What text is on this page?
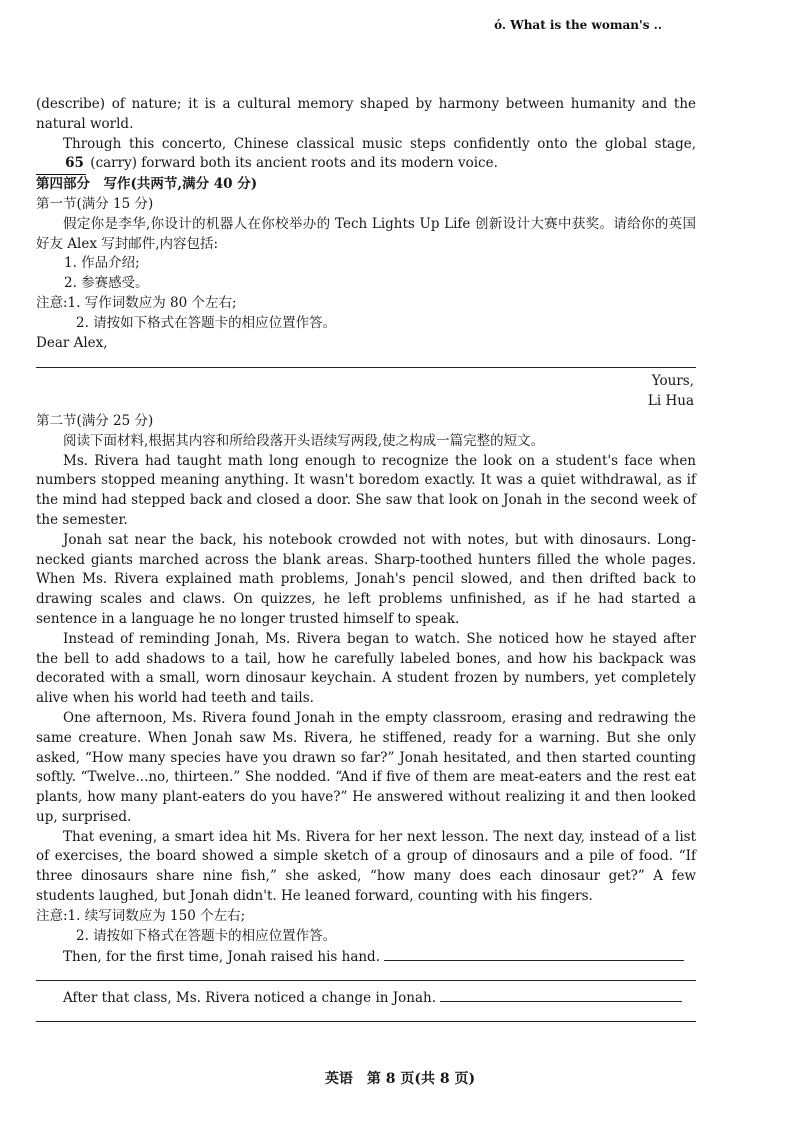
ó. What is the woman's ..

(describe) of nature; it is a cultural memory shaped by harmony between humanity and the natural world.

Through this concerto, Chinese classical music steps confidently onto the global stage, 65 (carry) forward both its ancient roots and its modern voice.

第四部分　写作(共两节,满分 40 分)

第一节(满分 15 分)

假定你是李华,你设计的机器人在你校举办的 Tech Lights Up Life 创新设计大赛中获奖。请给你的英国好友 Alex 写封邮件,内容包括:

1. 作品介绍;

2. 参赛感受。

注意:1. 写作词数应为 80 个左右;

2. 请按如下格式在答题卡的相应位置作答。

Dear Alex,

Yours,

Li Hua

第二节(满分 25 分)

阅读下面材料,根据其内容和所给段落开头语续写两段,使之构成一篇完整的短文。

Ms. Rivera had taught math long enough to recognize the look on a student's face when numbers stopped meaning anything. It wasn't boredom exactly. It was a quiet withdrawal, as if the mind had stepped back and closed a door. She saw that look on Jonah in the second week of the semester.

Jonah sat near the back, his notebook crowded not with notes, but with dinosaurs. Long-necked giants marched across the blank areas. Sharp-toothed hunters filled the whole pages. When Ms. Rivera explained math problems, Jonah's pencil slowed, and then drifted back to drawing scales and claws. On quizzes, he left problems unfinished, as if he had started a sentence in a language he no longer trusted himself to speak.

Instead of reminding Jonah, Ms. Rivera began to watch. She noticed how he stayed after the bell to add shadows to a tail, how he carefully labeled bones, and how his backpack was decorated with a small, worn dinosaur keychain. A student frozen by numbers, yet completely alive when his world had teeth and tails.

One afternoon, Ms. Rivera found Jonah in the empty classroom, erasing and redrawing the same creature. When Jonah saw Ms. Rivera, he stiffened, ready for a warning. But she only asked, “How many species have you drawn so far?” Jonah hesitated, and then started counting softly. “Twelve...no, thirteen.” She nodded. “And if five of them are meat-eaters and the rest eat plants, how many plant-eaters do you have?” He answered without realizing it and then looked up, surprised.

That evening, a smart idea hit Ms. Rivera for her next lesson. The next day, instead of a list of exercises, the board showed a simple sketch of a group of dinosaurs and a pile of food. “If three dinosaurs share nine fish,” she asked, “how many does each dinosaur get?” A few students laughed, but Jonah didn't. He leaned forward, counting with his fingers.

注意:1. 续写词数应为 150 个左右;

2. 请按如下格式在答题卡的相应位置作答。

Then, for the first time, Jonah raised his hand.

After that class, Ms. Rivera noticed a change in Jonah.

英语　第 8 页(共 8 页)
